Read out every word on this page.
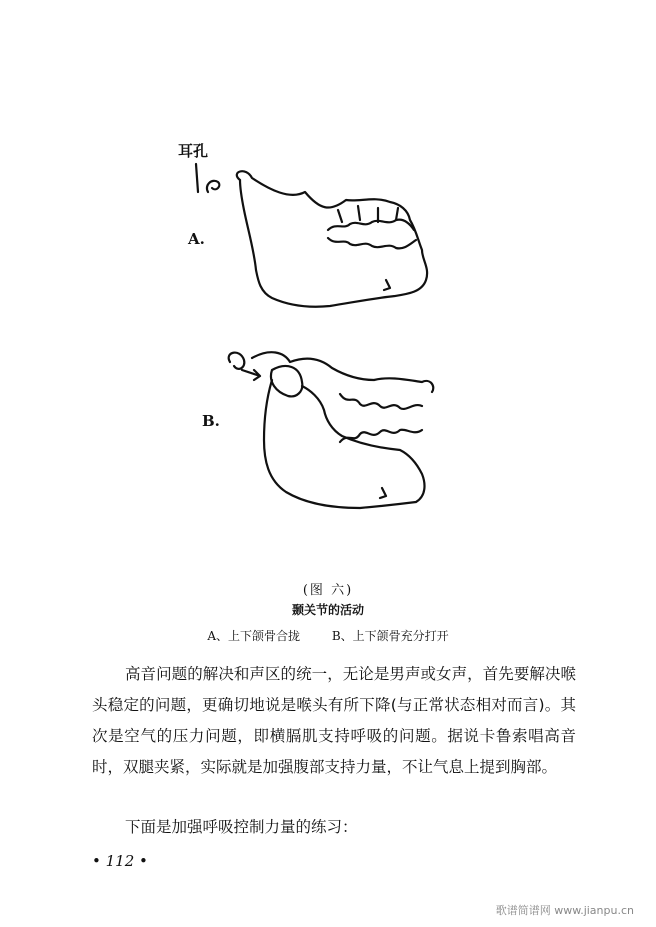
耳孔
A.
B.
(图 六)
颞关节的活动
A、上下颌骨合拢	B、上下颌骨充分打开
高音问题的解决和声区的统一，无论是男声或女声，首先要解决喉头稳定的问题，更确切地说是喉头有所下降(与正常状态相对而言)。其次是空气的压力问题，即横膈肌支持呼吸的问题。据说卡鲁索唱高音时，双腿夹紧，实际就是加强腹部支持力量，不让气息上提到胸部。
下面是加强呼吸控制力量的练习：
• 112 •
歌谱简谱网 www.jianpu.cn
